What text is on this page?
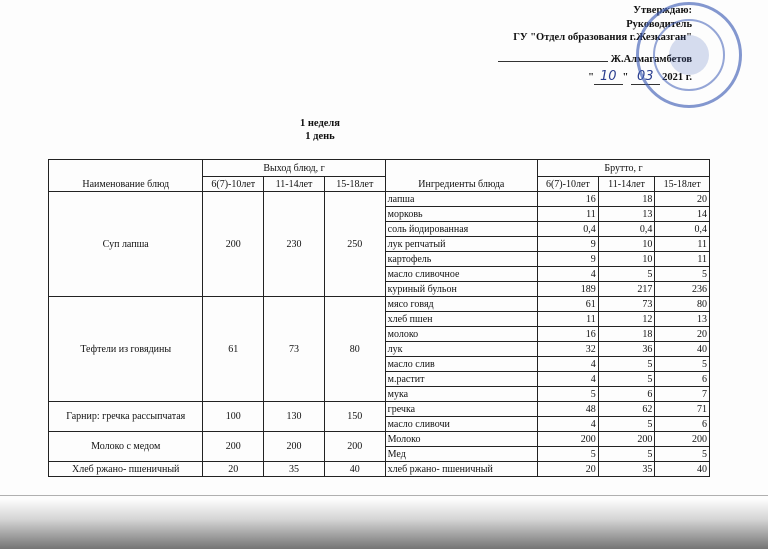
Утверждаю:
Руководитель
ГУ "Отдел образования г.Жезказган"
Ж.Алмагамбетов
" 10 " 03 2021 г.
1 неделя
1 день
Наименование блюд	Выход блюд, г			Ингредиенты блюда	Брутто, г		
	6(7)-10лет	11-14лет	15-18лет		6(7)-10лет	11-14лет	15-18лет
Суп лапша	200	230	250	лапша	16	18	20
				морковь	11	13	14
				соль йодированная	0,4	0,4	0,4
				лук репчатый	9	10	11
				картофель	9	10	11
				масло сливочное	4	5	5
				куриный бульон	189	217	236
Тефтели из говядины	61	73	80	мясо говяд	61	73	80
				хлеб пшен	11	12	13
				молоко	16	18	20
				лук	32	36	40
				масло слив	4	5	5
				м.растит	4	5	6
				мука	5	6	7
Гарнир: гречка рассыпчатая	100	130	150	гречка	48	62	71
				масло сливочи	4	5	6
Молоко с медом	200	200	200	Молоко	200	200	200
				Мед	5	5	5
Хлеб ржано- пшеничный	20	35	40	хлеб ржано- пшеничный	20	35	40
